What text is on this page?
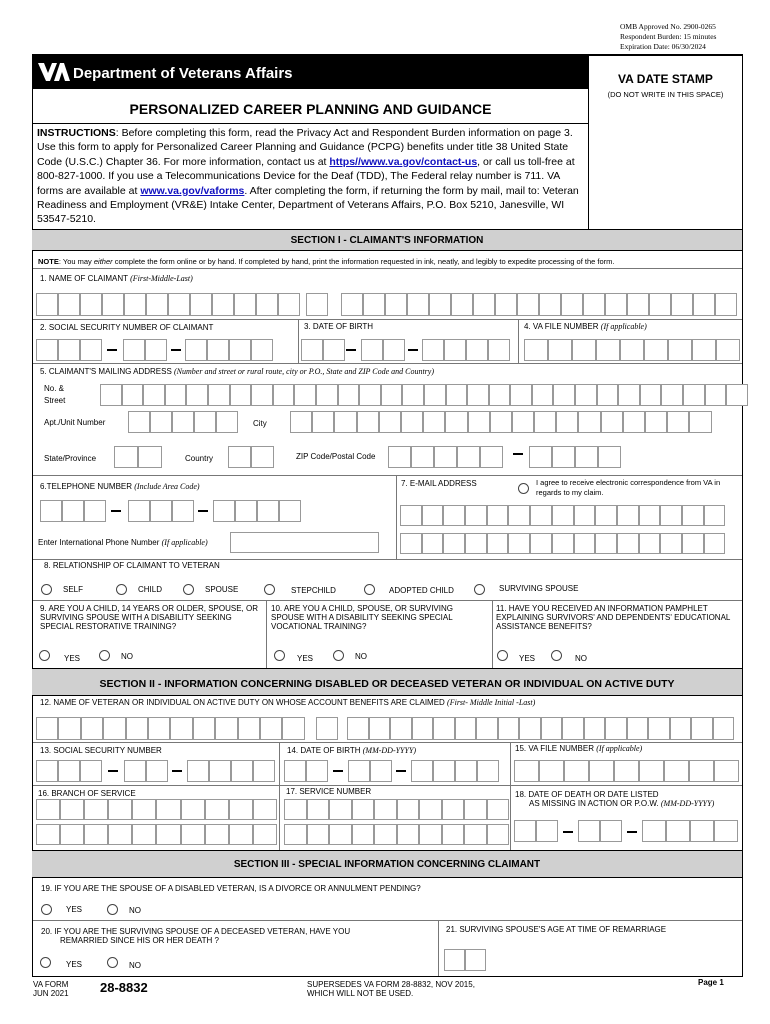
OMB Approved No. 2900-0265
Respondent Burden: 15 minutes
Expiration Date: 06/30/2024
Department of Veterans Affairs	VA DATE STAMP
(DO NOT WRITE IN THIS SPACE)
PERSONALIZED CAREER PLANNING AND GUIDANCE
INSTRUCTIONS: Before completing this form, read the Privacy Act and Respondent Burden information on page 3. Use this form to apply for Personalized Career Planning and Guidance (PCPG) benefits under title 38 United State Code (U.S.C.) Chapter 36. For more information, contact us at https//www.va.gov/contact-us, or call us toll-free at 800-827-1000. If you use a Telecommunications Device for the Deaf (TDD), The Federal relay number is 711. VA forms are available at www.va.gov/vaforms. After completing the form, if returning the form by mail, mail to: Veteran Readiness and Employment (VR&E) Intake Center, Department of Veterans Affairs, P.O. Box 5210, Janesville, WI 53547-5210.
SECTION I - CLAIMANT'S INFORMATION
NOTE: You may either complete the form online or by hand. If completed by hand, print the information requested in ink, neatly, and legibly to expedite processing of the form.
1. NAME OF CLAIMANT (First-Middle-Last)
2. SOCIAL SECURITY NUMBER OF CLAIMANT	3. DATE OF BIRTH	4. VA FILE NUMBER (If applicable)
5. CLAIMANT'S MAILING ADDRESS (Number and street or rural route, city or P.O., State and ZIP Code and Country)
No. &
Street
Apt./Unit Number	City
State/Province	Country	ZIP Code/Postal Code
6.TELEPHONE NUMBER (Include Area Code)	7. E-MAIL ADDRESS	I agree to receive electronic correspondence from VA in regards to my claim.
Enter International Phone Number (If applicable)
8. RELATIONSHIP OF CLAIMANT TO VETERAN
SELF	CHILD	SPOUSE	STEPCHILD	ADOPTED CHILD	SURVIVING SPOUSE
9. ARE YOU A CHILD, 14 YEARS OR OLDER, SPOUSE, OR SURVIVING SPOUSE WITH A DISABILITY SEEKING SPECIAL RESTORATIVE TRAINING?
10. ARE YOU A CHILD, SPOUSE, OR SURVIVING SPOUSE WITH A DISABILITY SEEKING SPECIAL VOCATIONAL TRAINING?
11. HAVE YOU RECEIVED AN INFORMATION PAMPHLET EXPLAINING SURVIVORS' AND DEPENDENTS' EDUCATIONAL ASSISTANCE BENEFITS?
YES	NO	YES	NO	YES	NO
SECTION II - INFORMATION CONCERNING DISABLED OR DECEASED VETERAN OR INDIVIDUAL ON ACTIVE DUTY
12. NAME OF VETERAN OR INDIVIDUAL ON ACTIVE DUTY ON WHOSE ACCOUNT BENEFITS ARE CLAIMED (First- Middle Initial -Last)
13. SOCIAL SECURITY NUMBER	14. DATE OF BIRTH (MM-DD-YYYY)	15. VA FILE NUMBER (If applicable)
16. BRANCH OF SERVICE	17. SERVICE NUMBER	18. DATE OF DEATH OR DATE LISTED
AS MISSING IN ACTION OR P.O.W. (MM-DD-YYYY)
SECTION III - SPECIAL INFORMATION CONCERNING CLAIMANT
19. IF YOU ARE THE SPOUSE OF A DISABLED VETERAN, IS A DIVORCE OR ANNULMENT PENDING?
YES	NO
20. IF YOU ARE THE SURVIVING SPOUSE OF A DECEASED VETERAN, HAVE YOU
REMARRIED SINCE HIS OR HER DEATH ?
21. SURVIVING SPOUSE'S AGE AT TIME OF REMARRIAGE
YES	NO
VA FORM
JUN 2021 28-8832	SUPERSEDES VA FORM 28-8832, NOV 2015,
WHICH WILL NOT BE USED.
Page 1
